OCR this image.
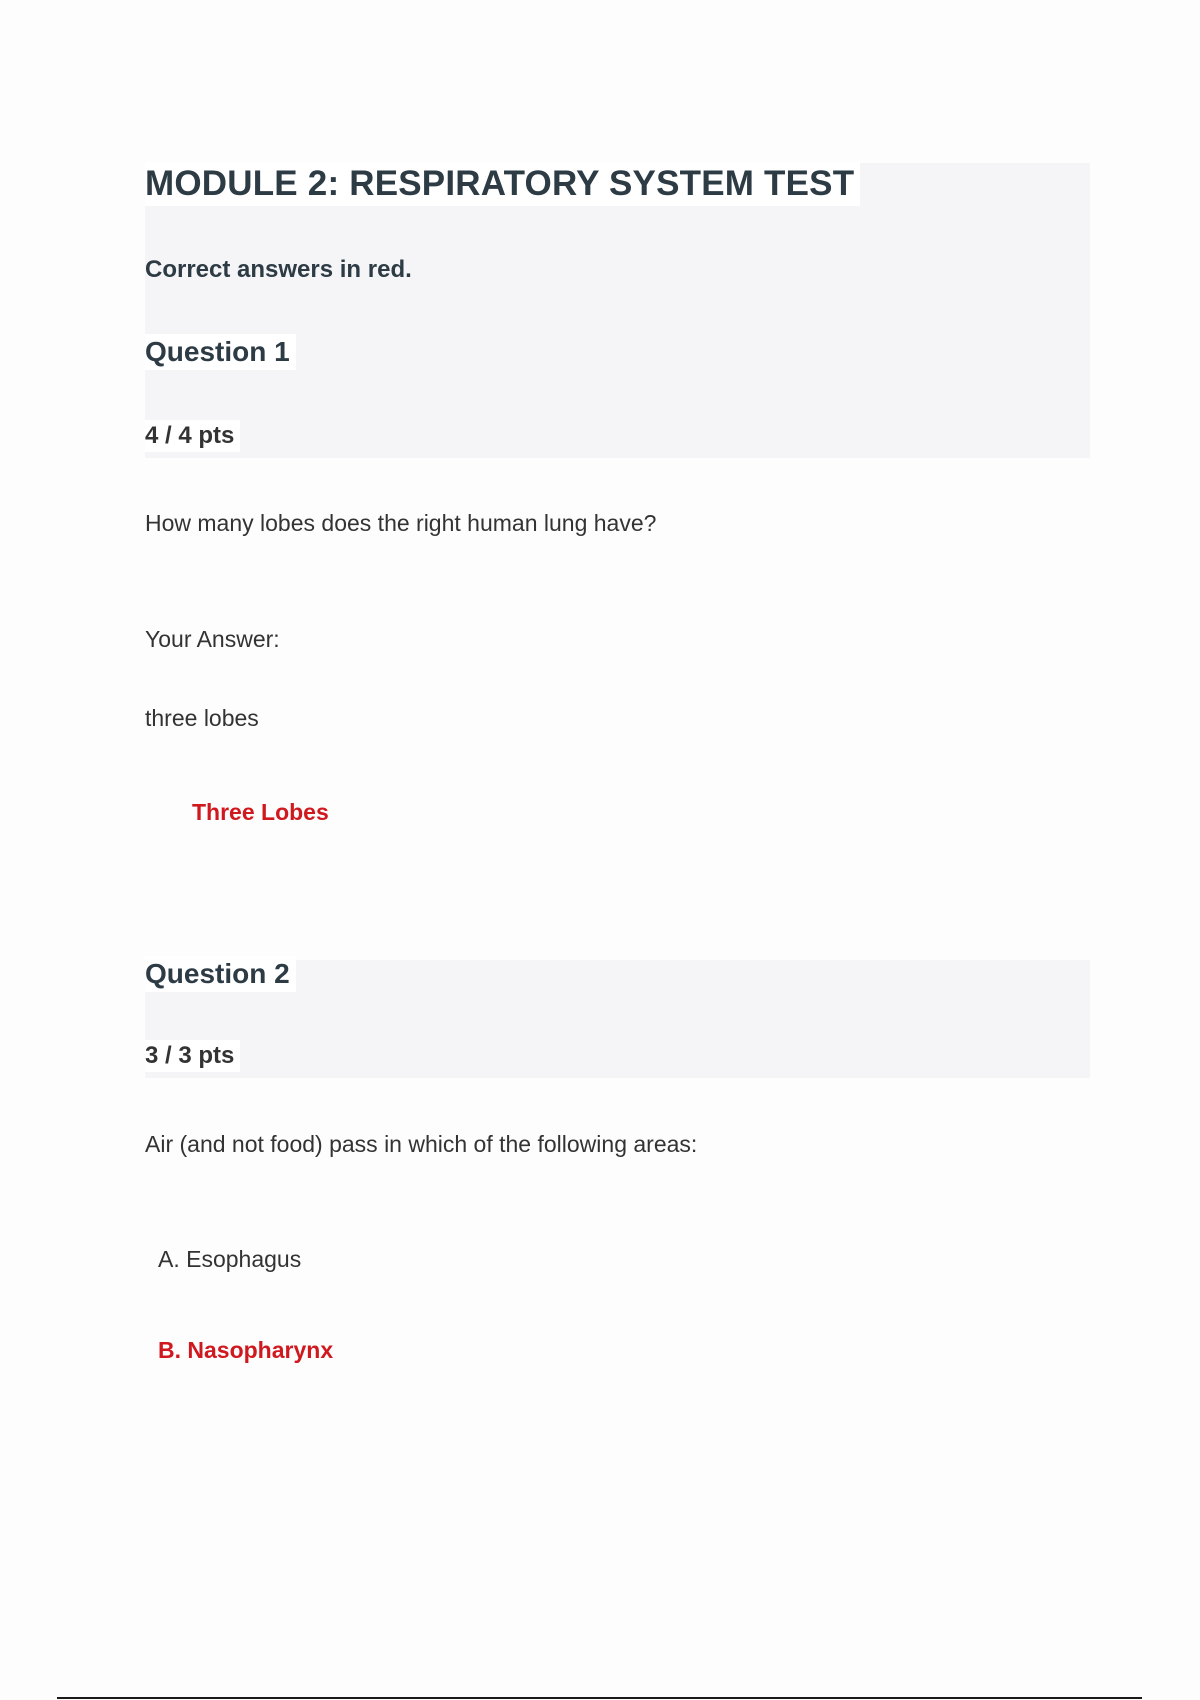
MODULE 2: RESPIRATORY SYSTEM TEST

Correct answers in red.

Question 1

4 / 4 pts

How many lobes does the right human lung have?

Your Answer:

three lobes

Three Lobes

Question 2

3 / 3 pts

Air (and not food) pass in which of the following areas:

A. Esophagus

B. Nasopharynx
